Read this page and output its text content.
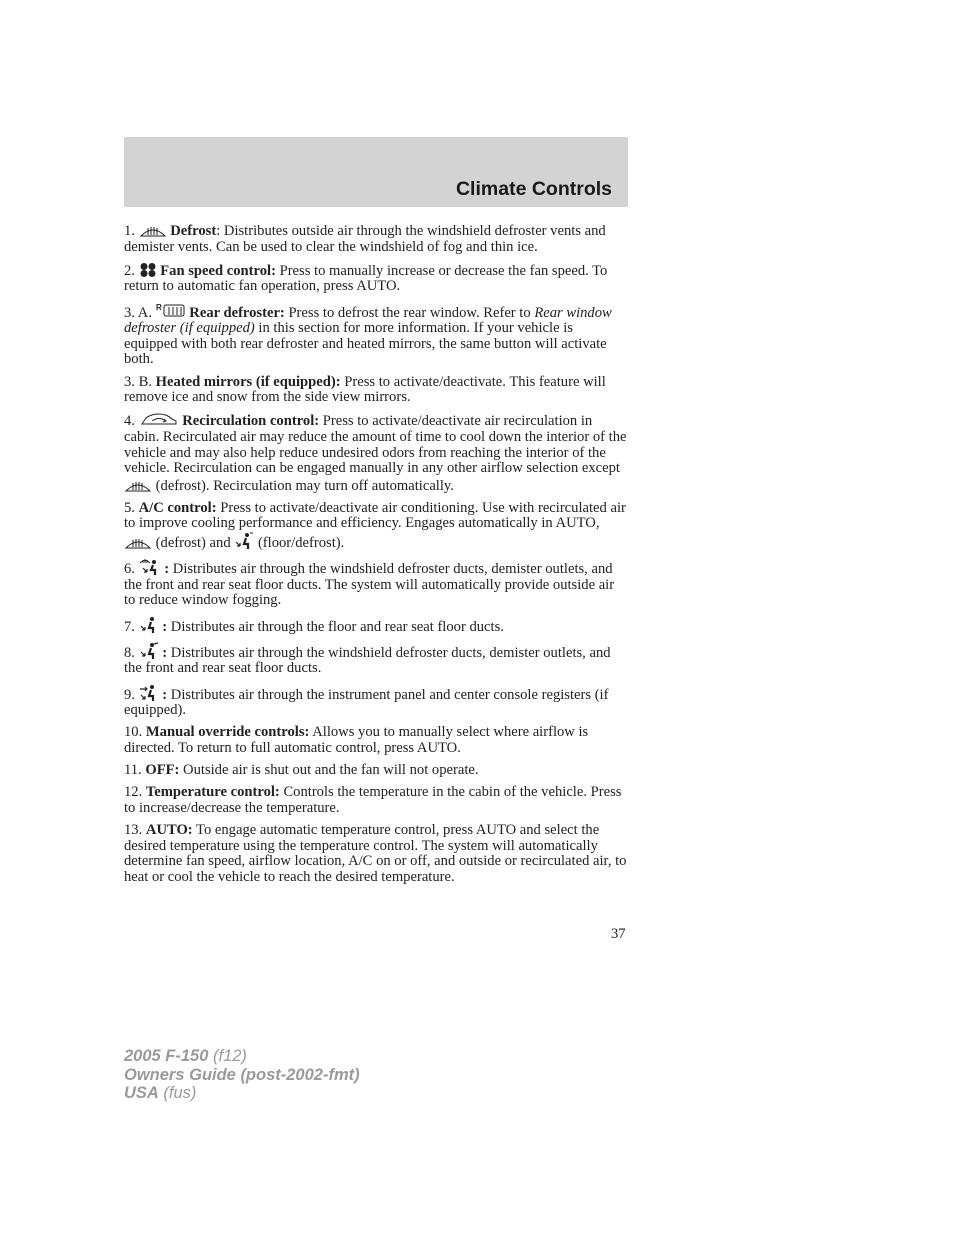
Climate Controls

1. Defrost: Distributes outside air through the windshield defroster vents and demister vents. Can be used to clear the windshield of fog and thin ice.

2. Fan speed control: Press to manually increase or decrease the fan speed. To return to automatic fan operation, press AUTO.

3. A. R Rear defroster: Press to defrost the rear window. Refer to Rear window defroster (if equipped) in this section for more information. If your vehicle is equipped with both rear defroster and heated mirrors, the same button will activate both.

3. B. Heated mirrors (if equipped): Press to activate/deactivate. This feature will remove ice and snow from the side view mirrors.

4.	Recirculation control: Press to activate/deactivate air recirculation in cabin. Recirculated air may reduce the amount of time to cool down the interior of the vehicle and may also help reduce undesired odors from reaching the interior of the vehicle. Recirculation can be engaged manually in any other airflow selection except  (defrost). Recirculation may turn off automatically.

5. A/C control: Press to activate/deactivate air conditioning. Use with recirculated air to improve cooling performance and efficiency. Engages automatically in AUTO,  (defrost) and  (floor/defrost).

6. : Distributes air through the windshield defroster ducts, demister outlets, and the front and rear seat floor ducts. The system will automatically provide outside air to reduce window fogging.

7. : Distributes air through the floor and rear seat floor ducts.

8. : Distributes air through the windshield defroster ducts, demister outlets, and the front and rear seat floor ducts.

9. : Distributes air through the instrument panel and center console registers (if equipped).

10. Manual override controls: Allows you to manually select where airflow is directed. To return to full automatic control, press AUTO.

11. OFF: Outside air is shut out and the fan will not operate.

12. Temperature control: Controls the temperature in the cabin of the vehicle. Press to increase/decrease the temperature.

13. AUTO: To engage automatic temperature control, press AUTO and select the desired temperature using the temperature control. The system will automatically determine fan speed, airflow location, A/C on or off, and outside or recirculated air, to heat or cool the vehicle to reach the desired temperature.

37
2005 F-150 (f12)
Owners Guide (post-2002-fmt)
USA (fus)
